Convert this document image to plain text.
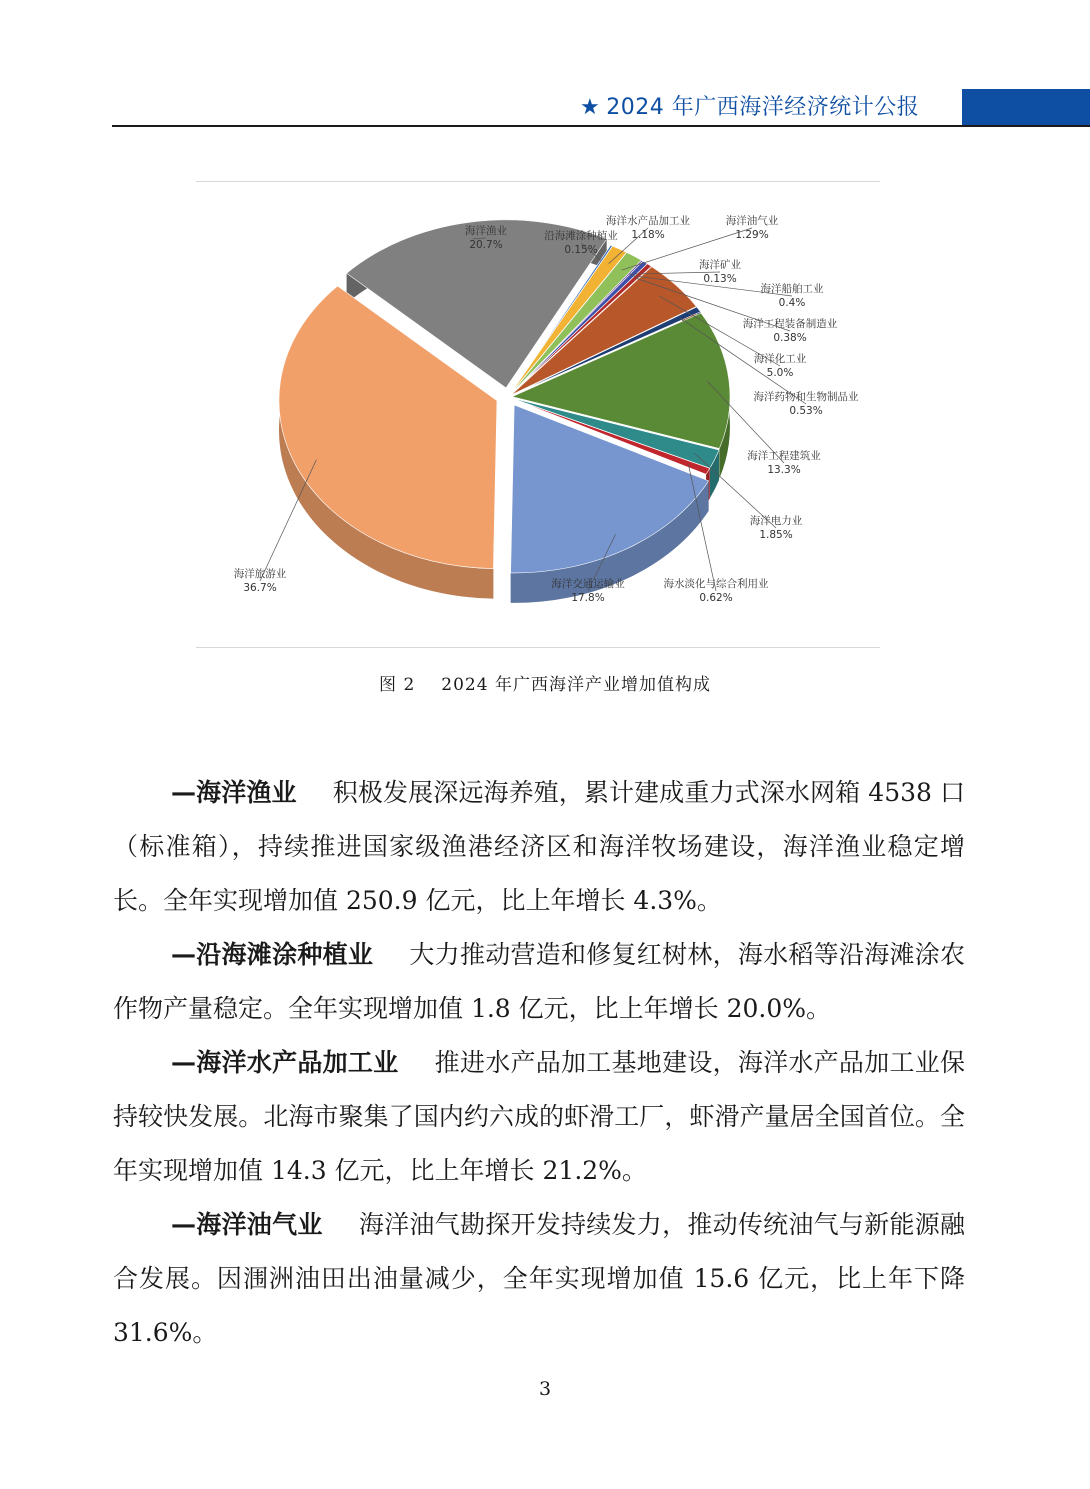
★ 2024 年广西海洋经济统计公报
海洋渔业
20.7%
沿海滩涂种植业
0.15%
海洋水产品加工业
1.18%
海洋油气业
1.29%
海洋矿业
0.13%
海洋船舶工业
0.4%
海洋工程装备制造业
0.38%
海洋化工业
5.0%
海洋药物和生物制品业
0.53%
海洋工程建筑业
13.3%
海洋电力业
1.85%
海水淡化与综合利用业
0.62%
海洋交通运输业
17.8%
海洋旅游业
36.7%
图 2 2024 年广西海洋产业增加值构成
—海洋渔业 积极发展深远海养殖，累计建成重力式深水网箱 4538 口（标准箱），持续推进国家级渔港经济区和海洋牧场建设，海洋渔业稳定增长。全年实现增加值 250.9 亿元，比上年增长 4.3%。
—沿海滩涂种植业 大力推动营造和修复红树林，海水稻等沿海滩涂农作物产量稳定。全年实现增加值 1.8 亿元，比上年增长 20.0%。
—海洋水产品加工业 推进水产品加工基地建设，海洋水产品加工业保持较快发展。北海市聚集了国内约六成的虾滑工厂，虾滑产量居全国首位。全年实现增加值 14.3 亿元，比上年增长 21.2%。
—海洋油气业 海洋油气勘探开发持续发力，推动传统油气与新能源融合发展。因涠洲油田出油量减少，全年实现增加值 15.6 亿元，比上年下降 31.6%。
3
